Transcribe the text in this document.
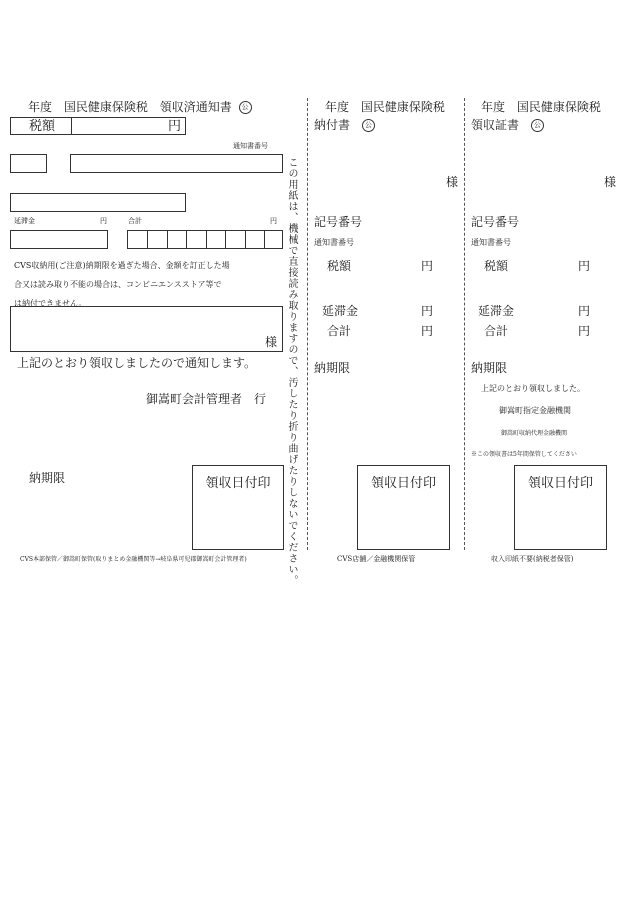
年度 国民健康保険税 領収済通知書 公
税額	円
通知書番号
延滞金	円	合計	円
CVS収納用(ご注意)納期限を過ぎた場合、金額を訂正した場
合又は読み取り不能の場合は、コンビニエンスストア等で
は納付できません。
様
上記のとおり領収しましたので通知します。
御嵩町会計管理者　行
納期限	領収日付印
CVS本部保管／御嵩町保管(取りまとめ金融機関等→岐阜県可児郡御嵩町会計管理者)	この用紙は、機械で直接読み取りますので、汚したり折り曲げたりしないでください。
年度 国民健康保険税
納付書 公
様
記号番号
通知書番号
税額	円
延滞金	円
合計	円
納期限
領収日付印
CVS店舗／金融機関保管
年度 国民健康保険税
領収証書 公
様
記号番号
通知書番号
税額	円
延滞金	円
合計	円
納期限
上記のとおり領収しました。
御嵩町指定金融機関
御嵩町収納代理金融機関
※この領収書は5年間保管してください
領収日付印
収入印紙不要(納税者保管)
